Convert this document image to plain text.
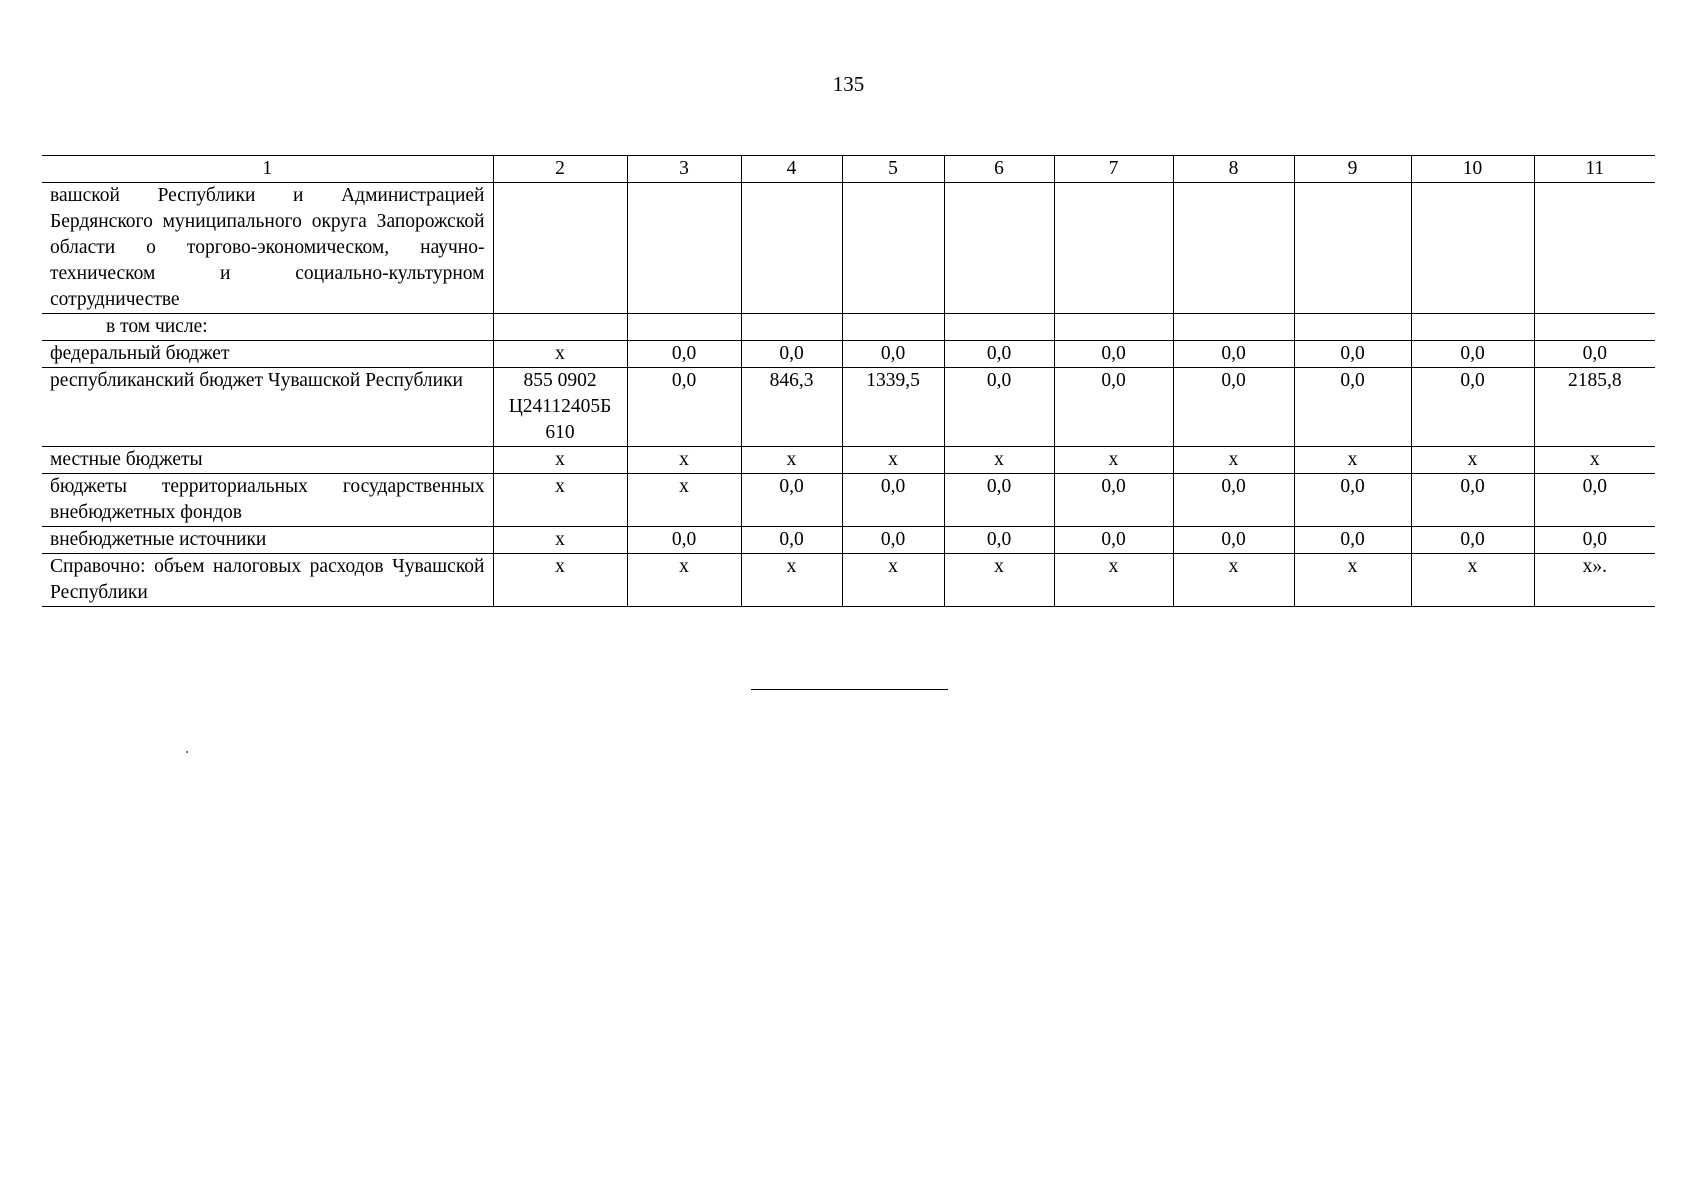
135
1	2	3	4	5	6	7	8	9	10	11
вашской Республики и Администрацией Бердянского муниципального округа Запорожской области о торгово-экономическом, научно-техническом и социально-культурном сотрудничестве										
в том числе:										
федеральный бюджет	х	0,0	0,0	0,0	0,0	0,0	0,0	0,0	0,0	0,0
республиканский бюджет Чувашской Республики	855 0902 Ц24112405Б 610	0,0	846,3	1339,5	0,0	0,0	0,0	0,0	0,0	2185,8
местные бюджеты	х	х	х	х	х	х	х	х	х	х
бюджеты территориальных государственных внебюджетных фондов	х	х	0,0	0,0	0,0	0,0	0,0	0,0	0,0	0,0
внебюджетные источники	х	0,0	0,0	0,0	0,0	0,0	0,0	0,0	0,0	0,0
Справочно: объем налоговых расходов Чувашской Республики	х	х	х	х	х	х	х	х	х	х».
